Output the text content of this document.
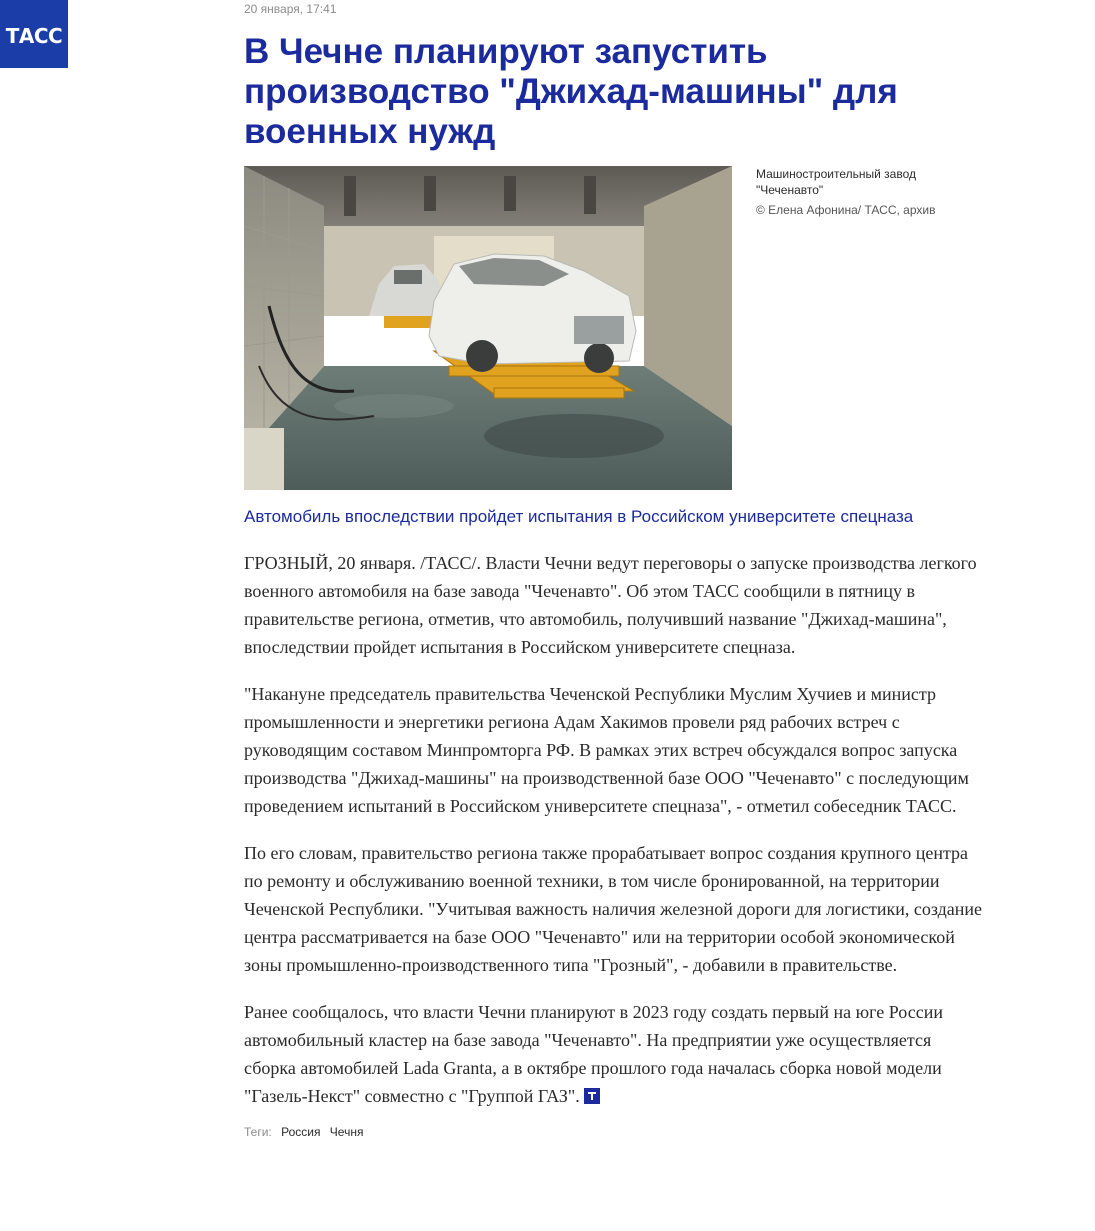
ТАСС
20 января, 17:41
В Чечне планируют запустить производство "Джихад-машины" для военных нужд
Машиностроительный завод "Чеченавто"
© Елена Афонина/ ТАСС, архив

Автомобиль впоследствии пройдет испытания в Российском университете спецназа

ГРОЗНЫЙ, 20 января. /ТАСС/. Власти Чечни ведут переговоры о запуске производства легкого военного автомобиля на базе завода "Чеченавто". Об этом ТАСС сообщили в пятницу в правительстве региона, отметив, что автомобиль, получивший название "Джихад-машина", впоследствии пройдет испытания в Российском университете спецназа.

"Накануне председатель правительства Чеченской Республики Муслим Хучиев и министр промышленности и энергетики региона Адам Хакимов провели ряд рабочих встреч с руководящим составом Минпромторга РФ. В рамках этих встреч обсуждался вопрос запуска производства "Джихад-машины" на производственной базе ООО "Чеченавто" с последующим проведением испытаний в Российском университете спецназа", - отметил собеседник ТАСС.

По его словам, правительство региона также прорабатывает вопрос создания крупного центра по ремонту и обслуживанию военной техники, в том числе бронированной, на территории Чеченской Республики. "Учитывая важность наличия железной дороги для логистики, создание центра рассматривается на базе ООО "Чеченавто" или на территории особой экономической зоны промышленно-производственного типа "Грозный", - добавили в правительстве.

Ранее сообщалось, что власти Чечни планируют в 2023 году создать первый на юге России автомобильный кластер на базе завода "Чеченавто". На предприятии уже осуществляется сборка автомобилей Lada Granta, а в октябре прошлого года началась сборка новой модели "Газель-Некст" совместно с "Группой ГАЗ".

Теги: Россия Чечня
